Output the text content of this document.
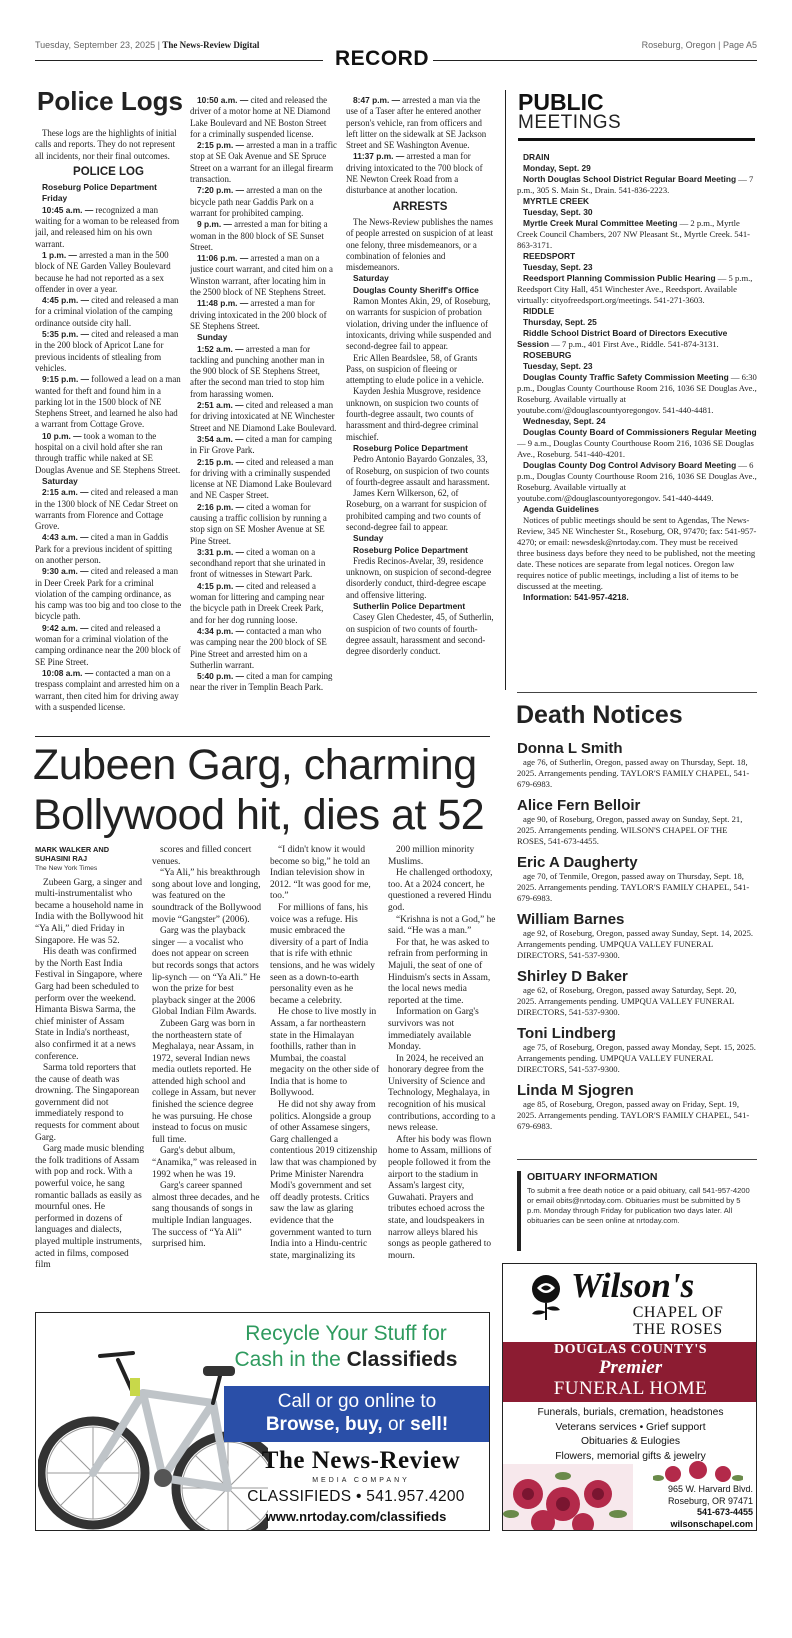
Tuesday, September 23, 2025 | The News-Review Digital	Roseburg, Oregon | Page A5
RECORD
Police Logs

These logs are the highlights of initial calls and reports. They do not represent all incidents, nor their final outcomes.

POLICE LOG
Roseburg Police Department
Friday

10:45 a.m. — recognized a man waiting for a woman to be released from jail, and released him on his own warrant.

1 p.m. — arrested a man in the 500 block of NE Garden Valley Boulevard because he had not reported as a sex offender in over a year.

4:45 p.m. — cited and released a man for a criminal violation of the camping ordinance outside city hall.

5:35 p.m. — cited and released a man in the 200 block of Apricot Lane for previous incidents of stlealing from vehicles.

9:15 p.m. — followed a lead on a man wanted for theft and found him in a parking lot in the 1500 block of NE Stephens Street, and learned he also had a warrant from Cottage Grove.

10 p.m. — took a woman to the hospital on a civil hold after she ran through traffic while naked at SE Douglas Avenue and SE Stephens Street.

Saturday

2:15 a.m. — cited and released a man in the 1300 block of NE Cedar Street on warrants from Florence and Cottage Grove.

4:43 a.m. — cited a man in Gaddis Park for a previous incident of spitting on another person.

9:30 a.m. — cited and released a man in Deer Creek Park for a criminal violation of the camping ordinance, as his camp was too big and too close to the bicycle path.

9:42 a.m. — cited and released a woman for a criminal violation of the camping ordinance near the 200 block of SE Pine Street.

10:08 a.m. — contacted a man on a trespass complaint and arrested him on a warrant, then cited him for driving away with a suspended license.

10:50 a.m. — cited and released the driver of a motor home at NE Diamond Lake Boulevard and NE Boston Street for a criminally suspended license.

2:15 p.m. — arrested a man in a traffic stop at SE Oak Avenue and SE Spruce Street on a warrant for an illegal firearm transaction.

7:20 p.m. — arrested a man on the bicycle path near Gaddis Park on a warrant for prohibited camping.

9 p.m. — arrested a man for biting a woman in the 800 block of SE Sunset Street.

11:06 p.m. — arrested a man on a justice court warrant, and cited him on a Winston warrant, after locating him in the 2500 block of NE Stephens Street.

11:48 p.m. — arrested a man for driving intoxicated in the 200 block of SE Stephens Street.

Sunday

1:52 a.m. — arrested a man for tackling and punching another man in the 900 block of SE Stephens Street, after the second man tried to stop him from harassing women.

2:51 a.m. — cited and released a man for driving intoxicated at NE Winchester Street and NE Diamond Lake Boulevard.

3:54 a.m. — cited a man for camping in Fir Grove Park.

2:15 p.m. — cited and released a man for driving with a criminally suspended license at NE Diamond Lake Boulevard and NE Casper Street.

2:16 p.m. — cited a woman for causing a traffic collision by running a stop sign on SE Mosher Avenue at SE Pine Street.

3:31 p.m. — cited a woman on a secondhand report that she urinated in front of witnesses in Stewart Park.

4:15 p.m. — cited and released a woman for littering and camping near the bicycle path in Dreek Creek Park, and for her dog running loose.

4:34 p.m. — contacted a man who was camping near the 200 block of SE Pine Street and arrested him on a Sutherlin warrant.

5:40 p.m. — cited a man for camping near the river in Templin Beach Park.

8:47 p.m. — arrested a man via the use of a Taser after he entered another person's vehicle, ran from officers and left litter on the sidewalk at SE Jackson Street and SE Washington Avenue.

11:37 p.m. — arrested a man for driving intoxicated to the 700 block of NE Newton Creek Road from a disturbance at another location.

ARRESTS

The News-Review publishes the names of people arrested on suspicion of at least one felony, three misdemeanors, or a combination of felonies and misdemeanors.

Saturday
Douglas County Sheriff's Office

Ramon Montes Akin, 29, of Roseburg, on warrants for suspicion of probation violation, driving under the influence of intoxicants, driving while suspended and second-degree fail to appear.

Eric Allen Beardslee, 58, of Grants Pass, on suspicion of fleeing or attempting to elude police in a vehicle.

Kayden Jeshia Musgrove, residence unknown, on suspicion two counts of fourth-degree assault, two counts of harassment and third-degree criminal mischief.

Roseburg Police Department

Pedro Antonio Bayardo Gonzales, 33, of Roseburg, on suspicion of two counts of fourth-degree assault and harassment.

James Kern Wilkerson, 62, of Roseburg, on a warrant for suspicion of prohibited camping and two counts of second-degree fail to appear.

Sunday
Roseburg Police Department

Fredis Recinos-Avelar, 39, residence unknown, on suspicion of second-degree disorderly conduct, third-degree escape and offensive littering.

Sutherlin Police Department

Casey Glen Chedester, 45, of Sutherlin, on suspicion of two counts of fourth-degree assault, harassment and second-degree disorderly conduct.

PUBLIC
MEETINGS
DRAIN
Monday, Sept. 29

North Douglas School District Regular Board Meeting — 7 p.m., 305 S. Main St., Drain. 541-836-2223.

MYRTLE CREEK
Tuesday, Sept. 30

Myrtle Creek Mural Committee Meeting — 2 p.m., Myrtle Creek Council Chambers, 207 NW Pleasant St., Myrtle Creek. 541-863-3171.

REEDSPORT
Tuesday, Sept. 23

Reedsport Planning Commission Public Hearing — 5 p.m., Reedsport City Hall, 451 Winchester Ave., Reedsport. Available virtually: cityofreedsport.org/meetings. 541-271-3603.

RIDDLE
Thursday, Sept. 25

Riddle School District Board of Directors Executive Session — 7 p.m., 401 First Ave., Riddle. 541-874-3131.

ROSEBURG
Tuesday, Sept. 23

Douglas County Traffic Safety Commission Meeting — 6:30 p.m., Douglas County Courthouse Room 216, 1036 SE Douglas Ave., Roseburg. Available virtually at youtube.com/@douglascountyoregongov. 541-440-4481.

Wednesday, Sept. 24

Douglas County Board of Commissioners Regular Meeting — 9 a.m., Douglas County Courthouse Room 216, 1036 SE Douglas Ave., Roseburg. 541-440-4201.

Douglas County Dog Control Advisory Board Meeting — 6 p.m., Douglas County Courthouse Room 216, 1036 SE Douglas Ave., Roseburg. Available virtually at youtube.com/@douglascountyoregongov. 541-440-4449.

Agenda Guidelines

Notices of public meetings should be sent to Agendas, The News-Review, 345 NE Winchester St., Roseburg, OR, 97470; fax: 541-957-4270; or email: newsdesk@nrtoday.com. They must be received three business days before they need to be published, not the meeting date. These notices are separate from legal notices. Oregon law requires notice of public meetings, including a list of items to be discussed at the meeting.

Information: 541-957-4218.
Death Notices
Donna L Smith
age 76, of Sutherlin, Oregon, passed away on Thursday, Sept. 18, 2025. Arrangements pending. TAYLOR'S FAMILY CHAPEL, 541-679-6983.
Alice Fern Belloir
age 90, of Roseburg, Oregon, passed away on Sunday, Sept. 21, 2025. Arrangements pending. WILSON'S CHAPEL OF THE ROSES, 541-673-4455.
Eric A Daugherty
age 70, of Tenmile, Oregon, passed away on Thursday, Sept. 18, 2025. Arrangements pending. TAYLOR'S FAMILY CHAPEL, 541-679-6983.
William Barnes
age 92, of Roseburg, Oregon, passed away Sunday, Sept. 14, 2025. Arrangements pending. UMPQUA VALLEY FUNERAL DIRECTORS, 541-537-9300.
Shirley D Baker
age 62, of Roseburg, Oregon, passed away Saturday, Sept. 20, 2025. Arrangements pending. UMPQUA VALLEY FUNERAL DIRECTORS, 541-537-9300.
Toni Lindberg
age 75, of Roseburg, Oregon, passed away Monday, Sept. 15, 2025. Arrangements pending. UMPQUA VALLEY FUNERAL DIRECTORS, 541-537-9300.
Linda M Sjogren
age 85, of Roseburg, Oregon, passed away on Friday, Sept. 19, 2025. Arrangements pending. TAYLOR'S FAMILY CHAPEL, 541-679-6983.
OBITUARY INFORMATION
To submit a free death notice or a paid obituary, call 541-957-4200 or email obits@nrtoday.com. Obituaries must be submitted by 5 p.m. Monday through Friday for publication two days later. All obituaries can be seen online at nrtoday.com.
Zubeen Garg, charming
Bollywood hit, dies at 52
MARK WALKER AND
SUHASINI RAJ
The New York Times

Zubeen Garg, a singer and multi-instrumentalist who became a household name in India with the Bollywood hit “Ya Ali,” died Friday in Singapore. He was 52.

His death was confirmed by the North East India Festival in Singapore, where Garg had been scheduled to perform over the weekend. Himanta Biswa Sarma, the chief minister of Assam State in India's northeast, also confirmed it at a news conference.

Sarma told reporters that the cause of death was drowning. The Singaporean government did not immediately respond to requests for comment about Garg.

Garg made music blending the folk traditions of Assam with pop and rock. With a powerful voice, he sang romantic ballads as easily as mournful ones. He performed in dozens of languages and dialects, played multiple instruments, acted in films, composed film

scores and filled concert venues.

“Ya Ali,” his breakthrough song about love and longing, was featured on the soundtrack of the Bollywood movie “Gangster” (2006).

Garg was the playback singer — a vocalist who does not appear on screen but records songs that actors lip-synch — on “Ya Ali.” He won the prize for best playback singer at the 2006 Global Indian Film Awards.

Zubeen Garg was born in the northeastern state of Meghalaya, near Assam, in 1972, several Indian news media outlets reported. He attended high school and college in Assam, but never finished the science degree he was pursuing. He chose instead to focus on music full time.

Garg's debut album, “Anamika,” was released in 1992 when he was 19.

Garg's career spanned almost three decades, and he sang thousands of songs in multiple Indian languages. The success of “Ya Ali” surprised him.

“I didn't know it would become so big,” he told an Indian television show in 2012. “It was good for me, too.”

For millions of fans, his voice was a refuge. His music embraced the diversity of a part of India that is rife with ethnic tensions, and he was widely seen as a down-to-earth personality even as he became a celebrity.

He chose to live mostly in Assam, a far northeastern state in the Himalayan foothills, rather than in Mumbai, the coastal megacity on the other side of India that is home to Bollywood.

He did not shy away from politics. Alongside a group of other Assamese singers, Garg challenged a contentious 2019 citizenship law that was championed by Prime Minister Narendra Modi's government and set off deadly protests. Critics saw the law as glaring evidence that the government wanted to turn India into a Hindu-centric state, marginalizing its

200 million minority Muslims.

He challenged orthodoxy, too. At a 2024 concert, he questioned a revered Hindu god.

“Krishna is not a God,” he said. “He was a man.”

For that, he was asked to refrain from performing in Majuli, the seat of one of Hinduism's sects in Assam, the local news media reported at the time.

Information on Garg's survivors was not immediately available Monday.

In 2024, he received an honorary degree from the University of Science and Technology, Meghalaya, in recognition of his musical contributions, according to a news release.

After his body was flown home to Assam, millions of people followed it from the airport to the stadium in Assam's largest city, Guwahati. Prayers and tributes echoed across the state, and loudspeakers in narrow alleys blared his songs as people gathered to mourn.

Recycle Your Stuff for
Cash in the Classifieds
Call or go online to
Browse, buy, or sell!
The News-Review
MEDIA COMPANY
CLASSIFIEDS • 541.957.4200
www.nrtoday.com/classifieds
Wilson's
CHAPEL OF
THE ROSES
DOUGLAS COUNTY'S
Premier
FUNERAL HOME
Funerals, burials, cremation, headstones
Veterans services • Grief support
Obituaries & Eulogies
Flowers, memorial gifts & jewelry
965 W. Harvard Blvd.
Roseburg, OR 97471
541-673-4455
wilsonschapel.com
